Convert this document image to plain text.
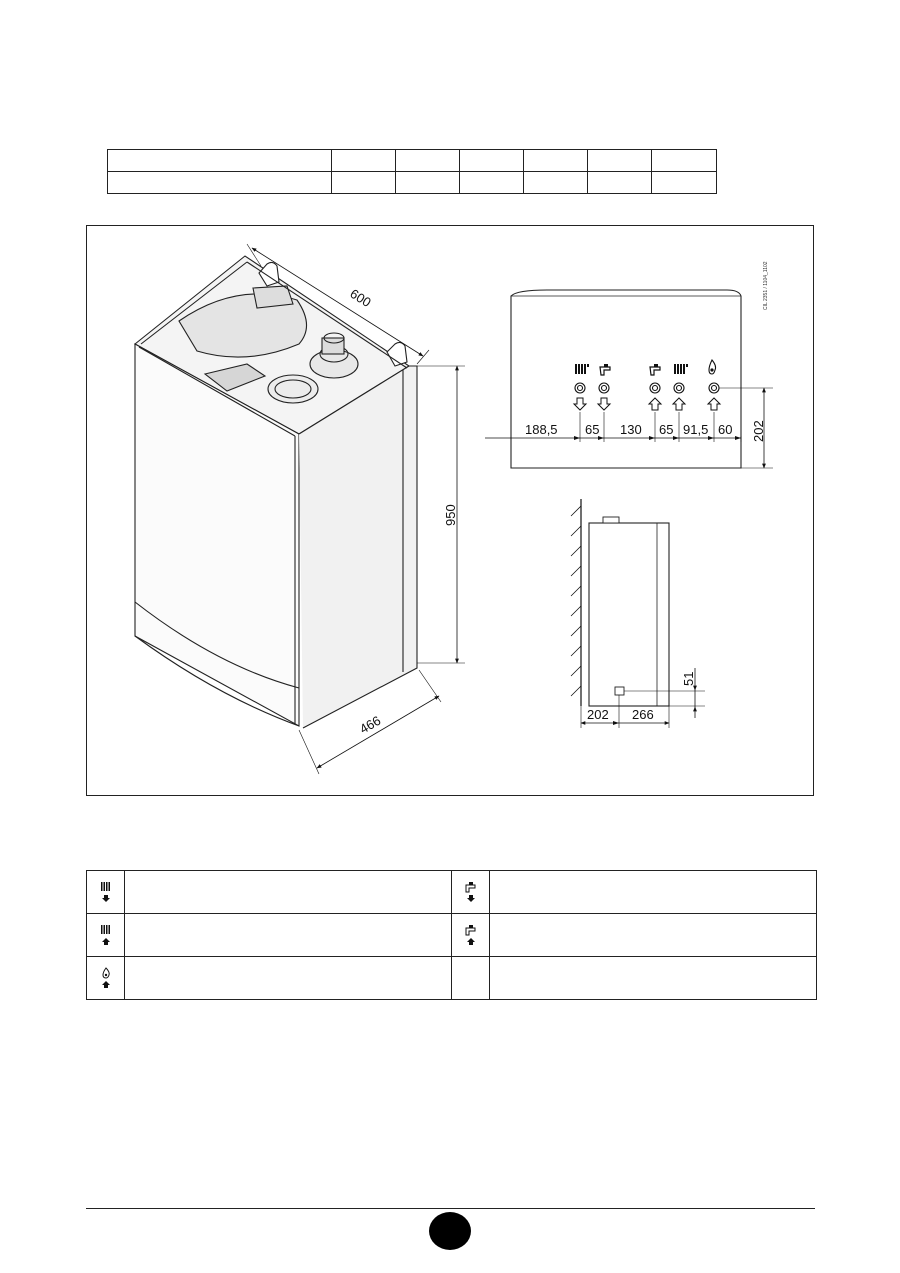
600
950
466
CIL 2351 / 1104_1102
188,5 65 130 65 91,5 60 202
202 266
51
